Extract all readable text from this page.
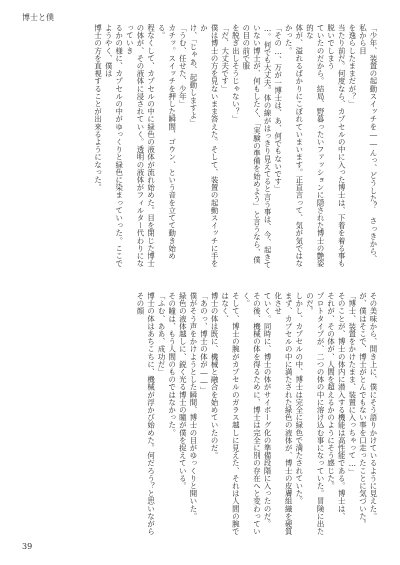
博士と僕

「少年、装置の起動スイッチを――んっ、どうした？　さっきから、私から目

を逸らしたままだが？」

当たり前だ。何度なら、カプセルの中に入った博士は、下着を着る事も脱いでしまう

ていたのだから。結局、野暮ったいファッションに隠された博士の艶姿的な

体が、溢れるばかりにこぼれていまいます。正直言って、気が気ではなかった。

「その…、万が一博士は、あ、何でもないです」

…。何でも大丈夫。体の線がはっきり見えてると言う事は、今、起きて

いない博士が、何もしたく、「実験の準備を始めよう」と言うなら、僕の目の前で服

を脱ぎ出しそうじゃない？」

「だ、大丈夫です」

僕は博士の方を見ないまま答えた。そして、装置の起動スイッチに手をか

け、「じゃあ、起動しますよ」

「うむ、任せた、少年」

カチッ。スイッチを押した瞬間、ゴウン、という音を立てて動き始める。

程なくして、カプセルの中に緑色の液体が流れ始めた。目を閉じた博士

の体が、その液体に浸されていく。透明の液体がフィルター代わりになっていき

るかの様に、カプセルの中がゆっくりと緑色に染まっていった。ここでようやく、僕は

博士の方を直視することが出来るようになった。

その美味から、開き上に、僕にそう語りかけているように見えた。

が、僕はそこで、博士がとんでもない事を口走ったことに気づいた。

「博士、装置をかけたまま、装置に入っちゃって…」

そのことが、博士の体内に潜入する機能は高性能である。博士は、

それが、その体が、人間を超えるかのようにそう感じた。

プロトタイプが、二つの体の中に溶け込む事になっていた。冒険に出たのだ。

しかし、カプセルの中、博士は完全に緑色で満たされていた。

まず、カプセルの中に満たされた緑色の液体が、博士の皮膚組織を硬質化させ

ていく。同時に、博士の体がサイボーグ化の準備段階に入ったのだ。

その後、機械の体を得るために、博士は完全に別の存在へと変わっていく。

そして、博士の腕がカプセルのガラス越しに見えた、それは人間の腕ではなく、

博士の体は既に、機械と融合を始めていたのだ。

「あのっ、博士の体が――」

僕がそう声をかけようとした瞬間、博士の目がゆっくりと開いた。

緑色の液体越しに、鋭く光る博士の瞳が僕を捉えている。

その瞳は、もう人間のものではなかった。

「ふむ、ああ、成功だ」

博士の体はあちこちに、機械が浮かび始めた。何だろう？と思いながらその顔

39
